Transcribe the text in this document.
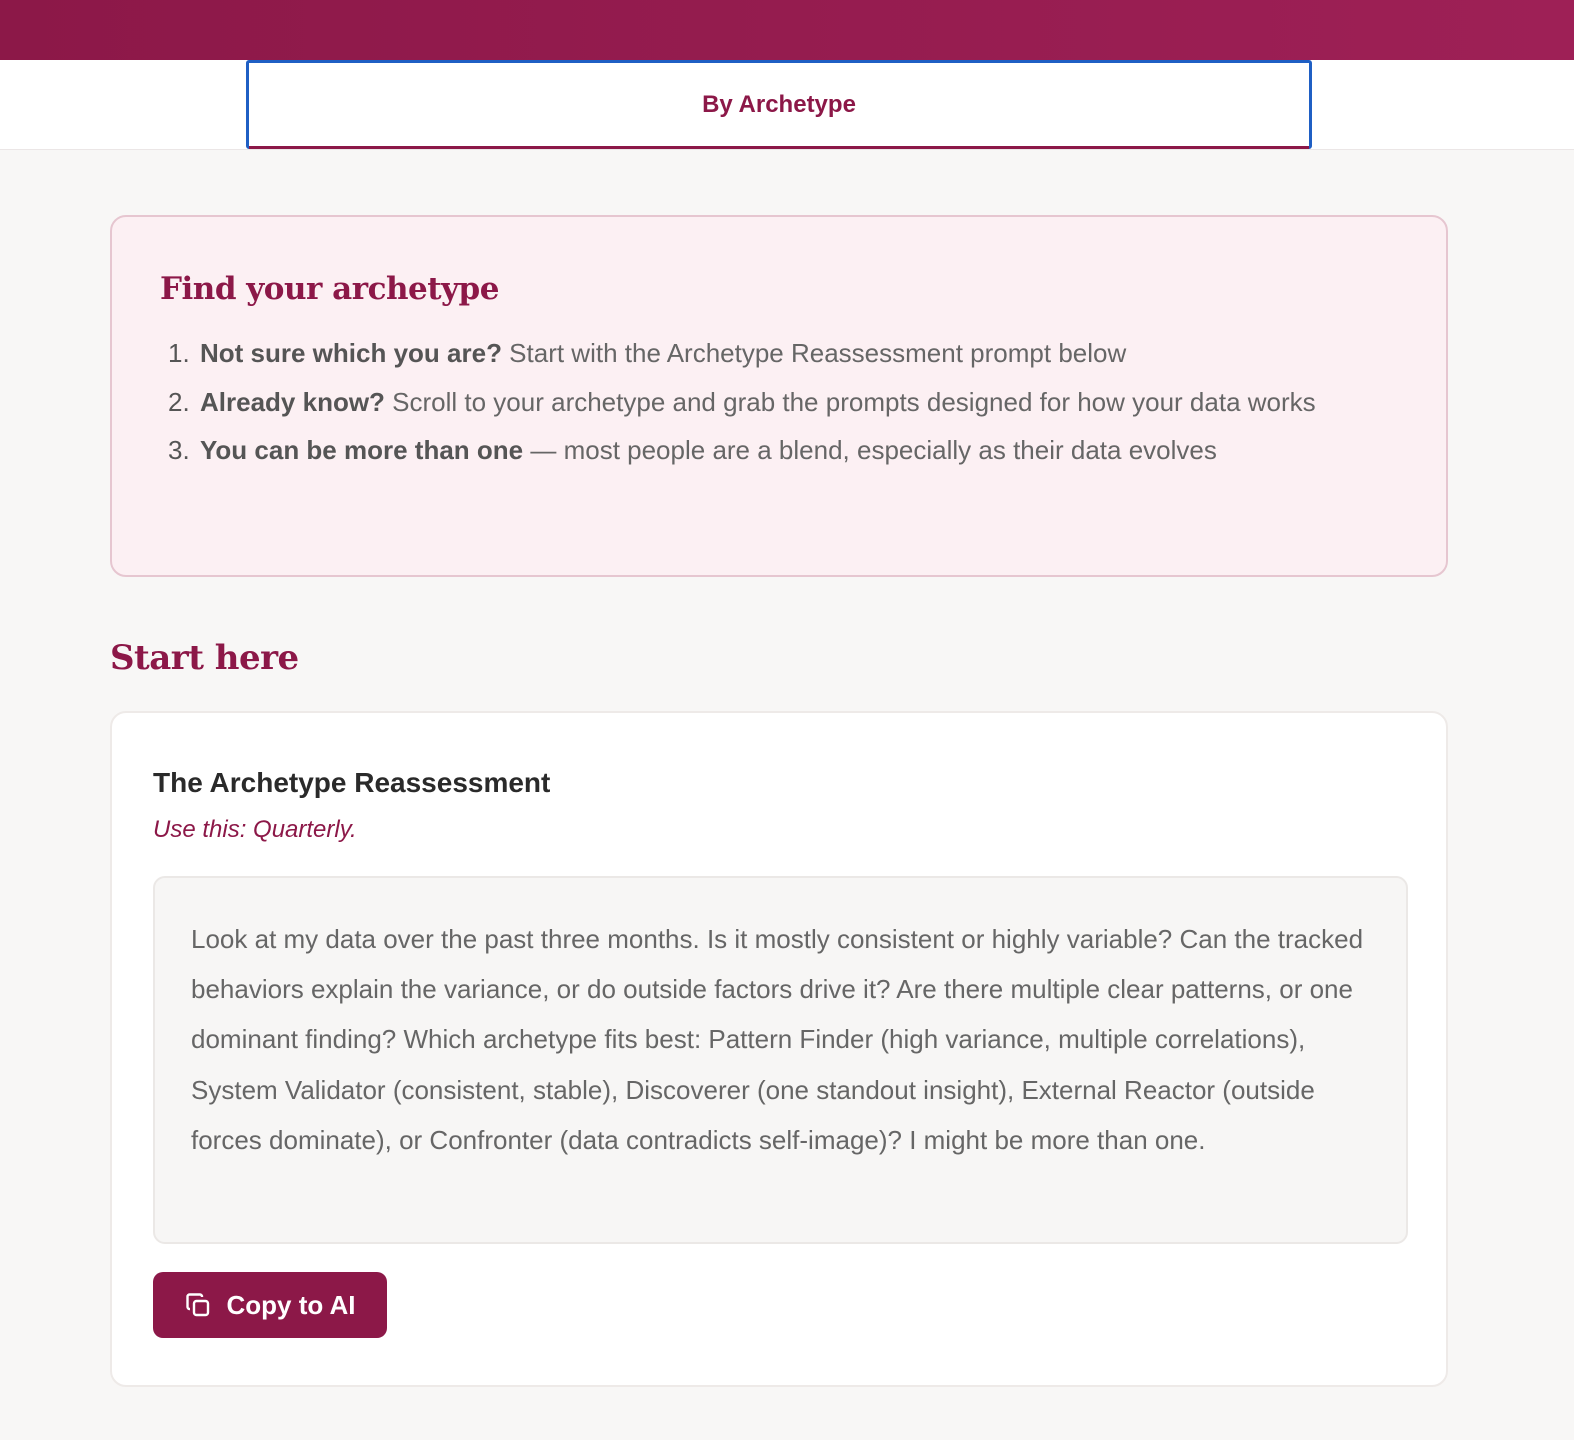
By Archetype
Find your archetype
1. Not sure which you are? Start with the Archetype Reassessment prompt below
2. Already know? Scroll to your archetype and grab the prompts designed for how your data works
3. You can be more than one — most people are a blend, especially as their data evolves
Start here
The Archetype Reassessment
Use this: Quarterly.
Look at my data over the past three months. Is it mostly consistent or highly variable? Can the tracked behaviors explain the variance, or do outside factors drive it? Are there multiple clear patterns, or one dominant finding? Which archetype fits best: Pattern Finder (high variance, multiple correlations), System Validator (consistent, stable), Discoverer (one standout insight), External Reactor (outside forces dominate), or Confronter (data contradicts self-image)? I might be more than one.
Copy to AI
